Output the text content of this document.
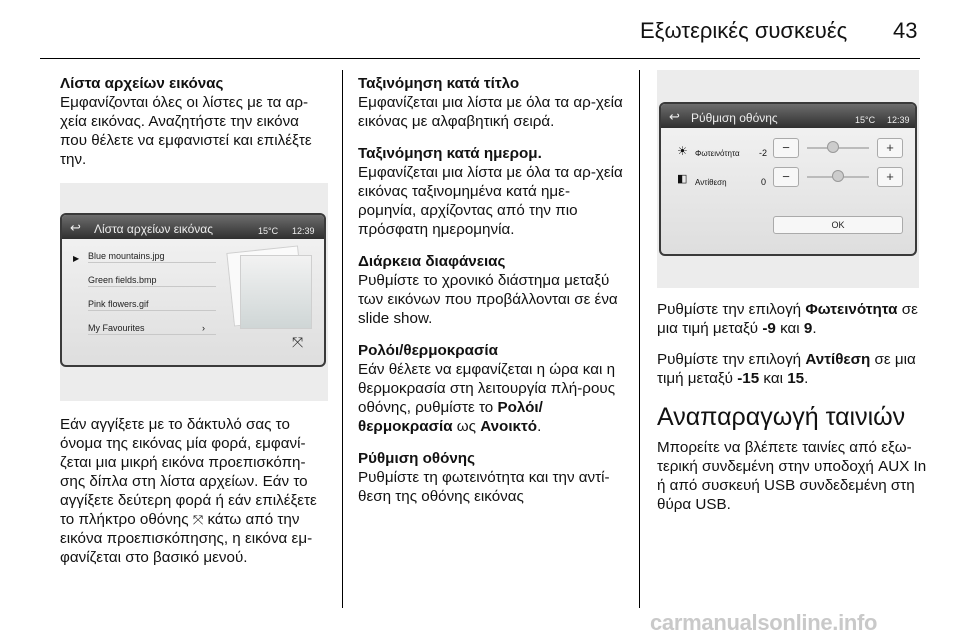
Εξωτερικές συσκευές 43
Λίστα αρχείων εικόνας
Εμφανίζονται όλες οι λίστες με τα αρ-χεία εικόνας. Αναζητήστε την εικόνα που θέλετε να εμφανιστεί και επιλέξτε την.
↩ Λίστα αρχείων εικόνας	15°C 12:39
▶ Blue mountains.jpg
Green fields.bmp
Pink flowers.gif
My Favourites	›
⤧
Εάν αγγίξετε με το δάκτυλό σας το όνομα της εικόνας μία φορά, εμφανί-ζεται μια μικρή εικόνα προεπισκόπη-σης δίπλα στη λίστα αρχείων. Εάν το αγγίξετε δεύτερη φορά ή εάν επιλέξετε το πλήκτρο οθόνης ⤧ κάτω από την εικόνα προεπισκόπησης, η εικόνα εμ-φανίζεται στο βασικό μενού.
Ταξινόμηση κατά τίτλο
Εμφανίζεται μια λίστα με όλα τα αρ-χεία εικόνας με αλφαβητική σειρά.
Ταξινόμηση κατά ημερομ.
Εμφανίζεται μια λίστα με όλα τα αρ-χεία εικόνας ταξινομημένα κατά ημε-ρομηνία, αρχίζοντας από την πιο πρόσφατη ημερομηνία.
Διάρκεια διαφάνειας
Ρυθμίστε το χρονικό διάστημα μεταξύ των εικόνων που προβάλλονται σε ένα slide show.
Ρολόι/θερμοκρασία
Εάν θέλετε να εμφανίζεται η ώρα και η θερμοκρασία στη λειτουργία πλή-ρους οθόνης, ρυθμίστε το Ρολόι/θερμοκρασία ως Ανοικτό.
Ρύθμιση οθόνης
Ρυθμίστε τη φωτεινότητα και την αντί-θεση της οθόνης εικόνας
↩ Ρύθμιση οθόνης	15°C 12:39
☀ Φωτεινότητα -2	−	+
◧ Αντίθεση	0	−	+
OK

Ρυθμίστε την επιλογή Φωτεινότητα σε μια τιμή μεταξύ -9 και 9.

Ρυθμίστε την επιλογή Αντίθεση σε μια τιμή μεταξύ -15 και 15.

Αναπαραγωγή ταινιών
Μπορείτε να βλέπετε ταινίες από εξω-τερική συνδεμένη στην υποδοχή AUX In ή από συσκευή USB συνδεδεμένη στη θύρα USB.
carmanualsonline.info
